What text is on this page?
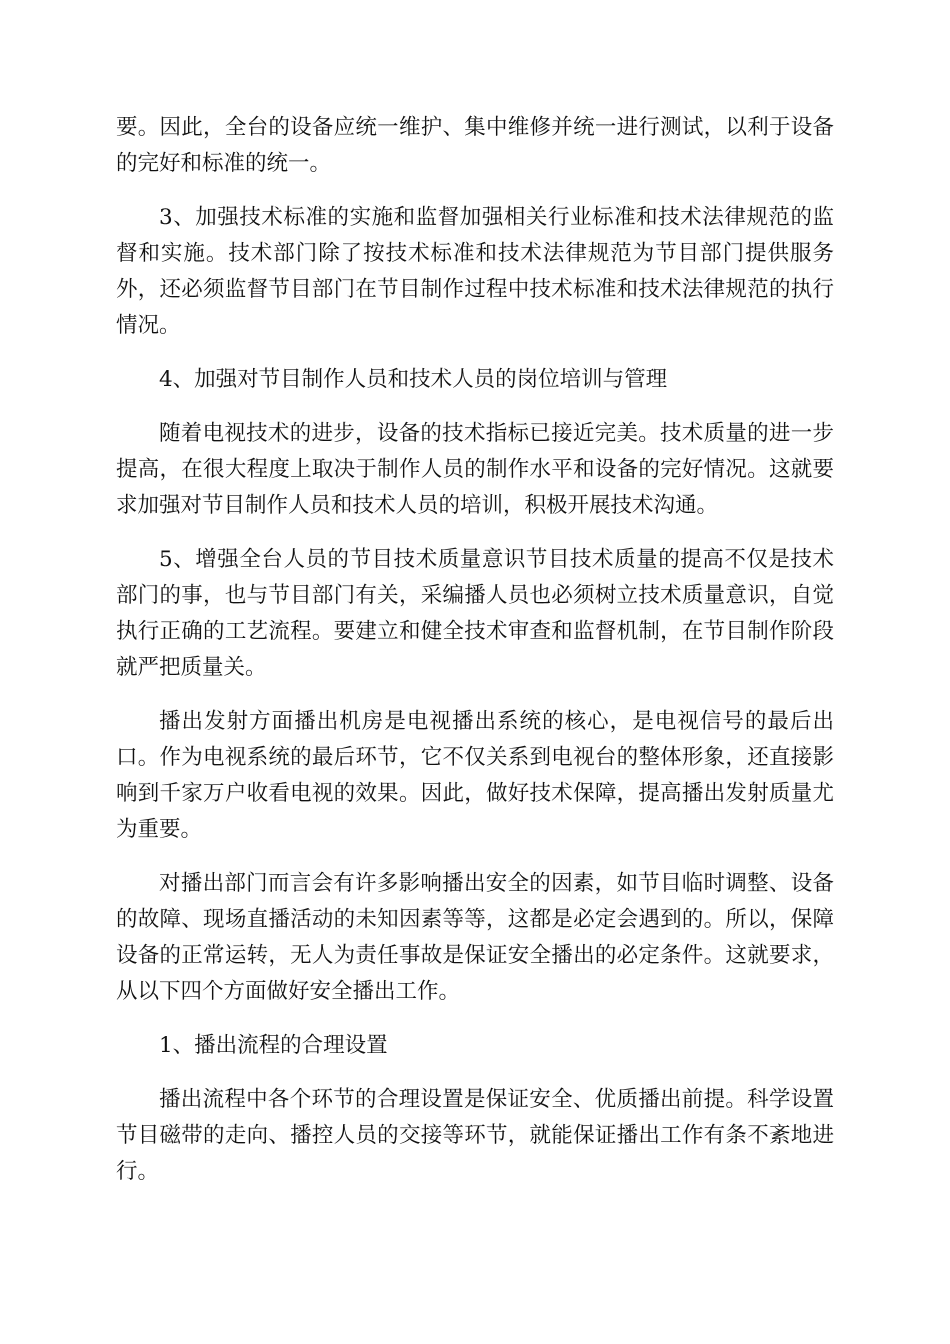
要。因此，全台的设备应统一维护、集中维修并统一进行测试，以利于设备的完好和标准的统一。

3、加强技术标准的实施和监督加强相关行业标准和技术法律规范的监督和实施。技术部门除了按技术标准和技术法律规范为节目部门提供服务外，还必须监督节目部门在节目制作过程中技术标准和技术法律规范的执行情况。

4、加强对节目制作人员和技术人员的岗位培训与管理

随着电视技术的进步，设备的技术指标已接近完美。技术质量的进一步提高，在很大程度上取决于制作人员的制作水平和设备的完好情况。这就要求加强对节目制作人员和技术人员的培训，积极开展技术沟通。

5、增强全台人员的节目技术质量意识节目技术质量的提高不仅是技术部门的事，也与节目部门有关，采编播人员也必须树立技术质量意识，自觉执行正确的工艺流程。要建立和健全技术审查和监督机制，在节目制作阶段就严把质量关。

播出发射方面播出机房是电视播出系统的核心，是电视信号的最后出口。作为电视系统的最后环节，它不仅关系到电视台的整体形象，还直接影响到千家万户收看电视的效果。因此，做好技术保障，提高播出发射质量尤为重要。

对播出部门而言会有许多影响播出安全的因素，如节目临时调整、设备的故障、现场直播活动的未知因素等等，这都是必定会遇到的。所以，保障设备的正常运转，无人为责任事故是保证安全播出的必定条件。这就要求，从以下四个方面做好安全播出工作。

1、播出流程的合理设置

播出流程中各个环节的合理设置是保证安全、优质播出前提。科学设置节目磁带的走向、播控人员的交接等环节，就能保证播出工作有条不紊地进行。
